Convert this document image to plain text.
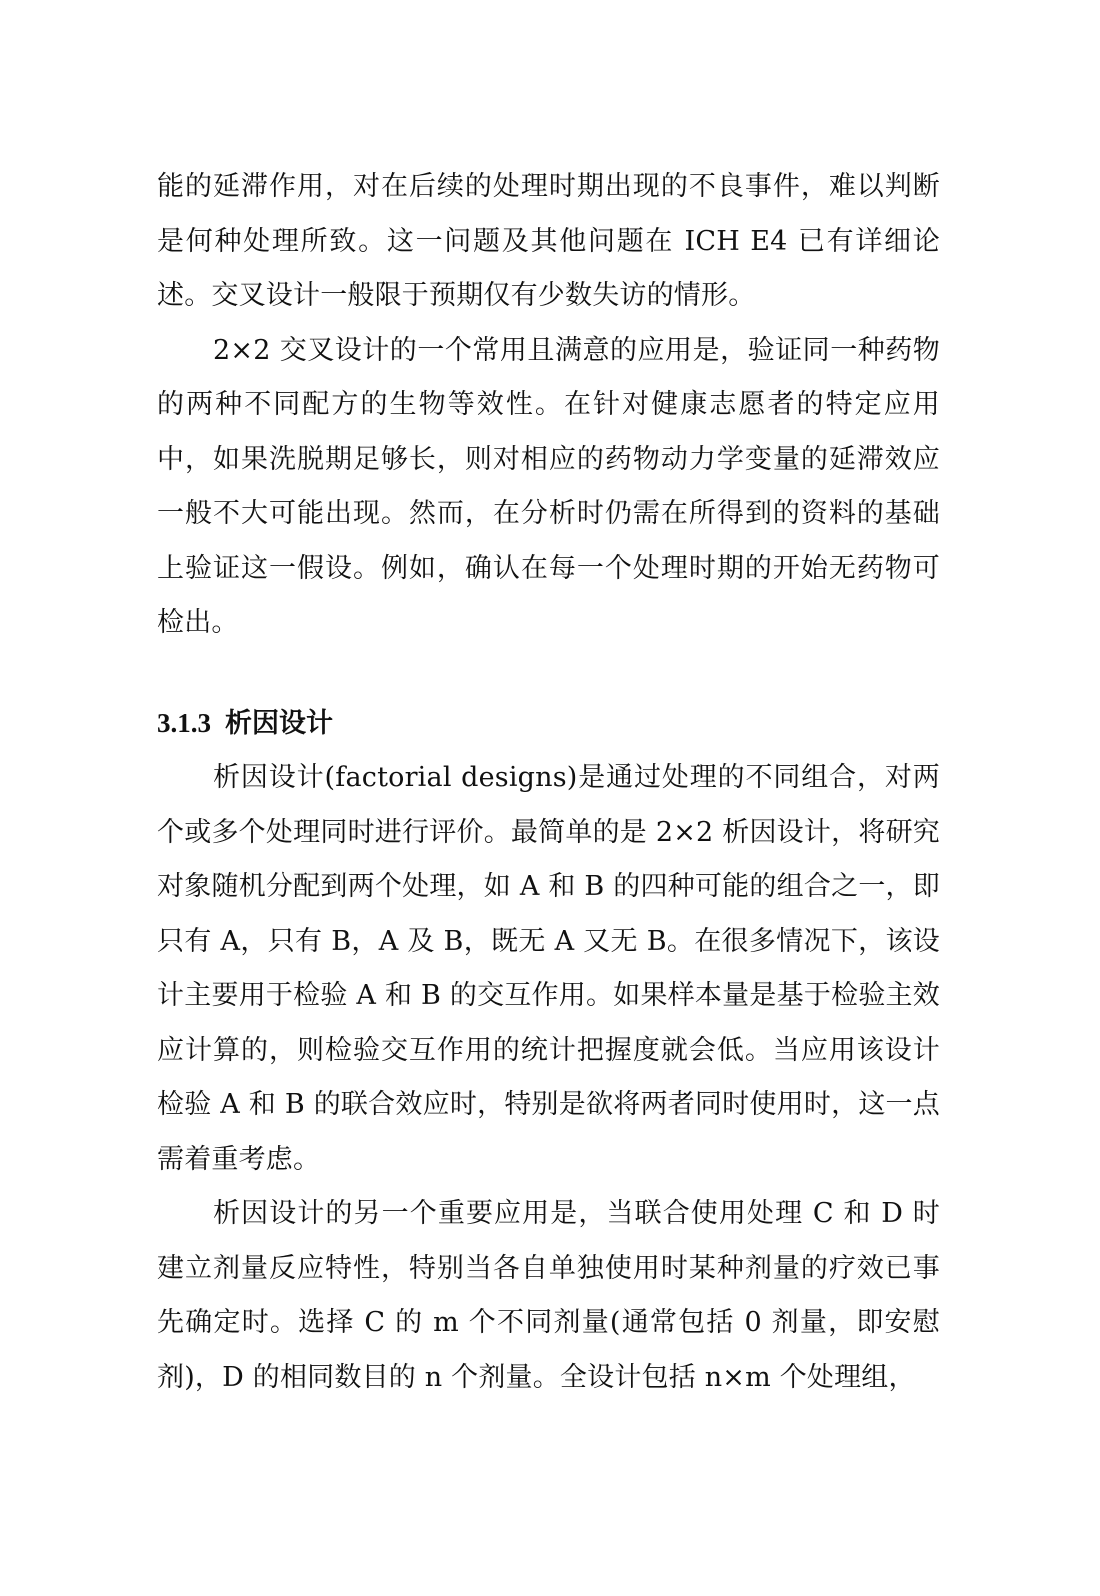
能的延滞作用，对在后续的处理时期出现的不良事件，难以判断是何种处理所致。这一问题及其他问题在 ICH E4 已有详细论述。交叉设计一般限于预期仅有少数失访的情形。

2×2 交叉设计的一个常用且满意的应用是，验证同一种药物的两种不同配方的生物等效性。在针对健康志愿者的特定应用中，如果洗脱期足够长，则对相应的药物动力学变量的延滞效应一般不大可能出现。然而，在分析时仍需在所得到的资料的基础上验证这一假设。例如，确认在每一个处理时期的开始无药物可检出。

3.1.3 析因设计

析因设计(factorial designs)是通过处理的不同组合，对两个或多个处理同时进行评价。最简单的是 2×2 析因设计，将研究对象随机分配到两个处理，如 A 和 B 的四种可能的组合之一，即只有 A，只有 B，A 及 B，既无 A 又无 B。在很多情况下，该设计主要用于检验 A 和 B 的交互作用。如果样本量是基于检验主效应计算的，则检验交互作用的统计把握度就会低。当应用该设计检验 A 和 B 的联合效应时，特别是欲将两者同时使用时，这一点需着重考虑。

析因设计的另一个重要应用是，当联合使用处理 C 和 D 时建立剂量反应特性，特别当各自单独使用时某种剂量的疗效已事先确定时。选择 C 的 m 个不同剂量(通常包括 0 剂量，即安慰剂)，D 的相同数目的 n 个剂量。全设计包括 n×m 个处理组，
